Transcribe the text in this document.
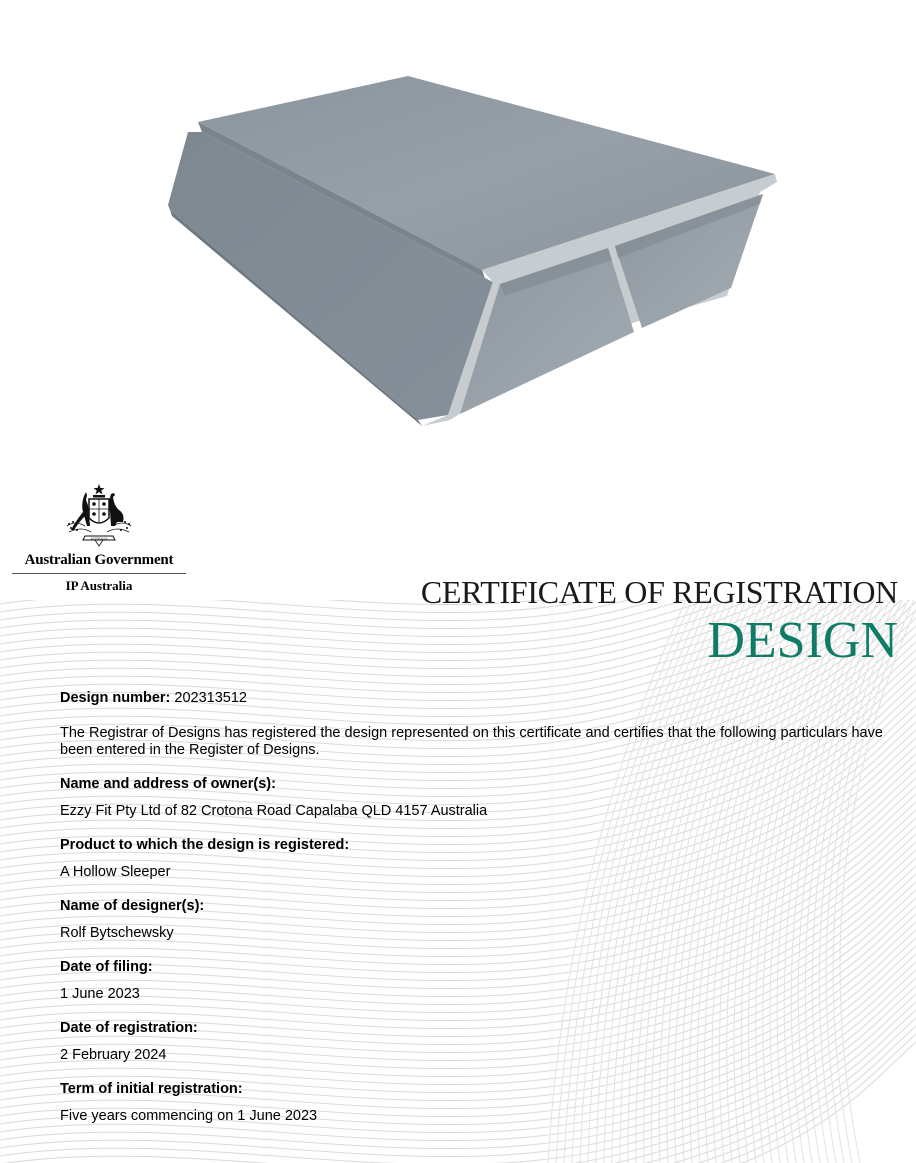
AUSTRALIA
Australian Government
IP Australia	CERTIFICATE OF REGISTRATION
DESIGN
Design number: 202313512
The Registrar of Designs has registered the design represented on this certificate and certifies that the following particulars have been entered in the Register of Designs.
Name and address of owner(s):
Ezzy Fit Pty Ltd of 82 Crotona Road Capalaba QLD 4157 Australia
Product to which the design is registered:
A Hollow Sleeper
Name of designer(s):
Rolf Bytschewsky
Date of filing:
1 June 2023
Date of registration:
2 February 2024
Term of initial registration:
Five years commencing on 1 June 2023
